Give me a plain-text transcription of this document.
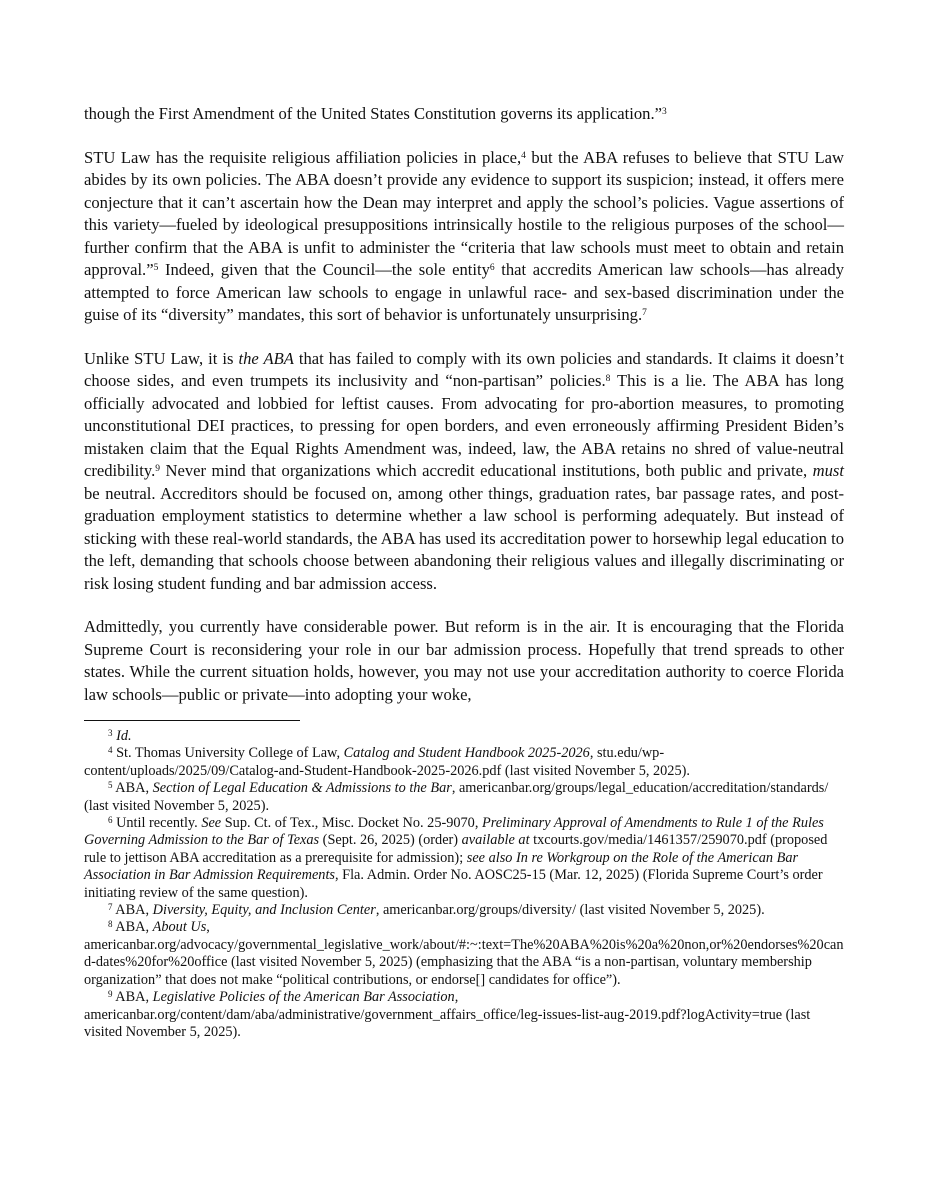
though the First Amendment of the United States Constitution governs its application.”$^3$

STU Law has the requisite religious affiliation policies in place,$^4$ but the ABA refuses to believe that STU Law abides by its own policies. The ABA doesn’t provide any evidence to support its suspicion; instead, it offers mere conjecture that it can’t ascertain how the Dean may interpret and apply the school’s policies. Vague assertions of this variety—fueled by ideological presuppositions intrinsically hostile to the religious purposes of the school—further confirm that the ABA is unfit to administer the “criteria that law schools must meet to obtain and retain approval.”$^5$ Indeed, given that the Council—the sole entity$^6$ that accredits American law schools—has already attempted to force American law schools to engage in unlawful race- and sex-based discrimination under the guise of its “diversity” mandates, this sort of behavior is unfortunately unsurprising.$^7$

Unlike STU Law, it is the ABA that has failed to comply with its own policies and standards. It claims it doesn’t choose sides, and even trumpets its inclusivity and “non-partisan” policies.$^8$ This is a lie. The ABA has long officially advocated and lobbied for leftist causes. From advocating for pro-abortion measures, to promoting unconstitutional DEI practices, to pressing for open borders, and even erroneously affirming President Biden’s mistaken claim that the Equal Rights Amendment was, indeed, law, the ABA retains no shred of value-neutral credibility.$^9$ Never mind that organizations which accredit educational institutions, both public and private, must be neutral. Accreditors should be focused on, among other things, graduation rates, bar passage rates, and post-graduation employment statistics to determine whether a law school is performing adequately. But instead of sticking with these real-world standards, the ABA has used its accreditation power to horsewhip legal education to the left, demanding that schools choose between abandoning their religious values and illegally discriminating or risk losing student funding and bar admission access.

Admittedly, you currently have considerable power. But reform is in the air. It is encouraging that the Florida Supreme Court is reconsidering your role in our bar admission process. Hopefully that trend spreads to other states. While the current situation holds, however, you may not use your accreditation authority to coerce Florida law schools—public or private—into adopting your woke,

$^3$ Id.

$^4$ St. Thomas University College of Law, Catalog and Student Handbook 2025-2026, stu.edu/wp-content/uploads/2025/09/Catalog-and-Student-Handbook-2025-2026.pdf (last visited November 5, 2025).

$^5$ ABA, Section of Legal Education & Admissions to the Bar, americanbar.org/groups/legal_education/accreditation/standards/ (last visited November 5, 2025).

$^6$ Until recently. See Sup. Ct. of Tex., Misc. Docket No. 25-9070, Preliminary Approval of Amendments to Rule 1 of the Rules Governing Admission to the Bar of Texas (Sept. 26, 2025) (order) available at txcourts.gov/media/1461357/259070.pdf (proposed rule to jettison ABA accreditation as a prerequisite for admission); see also In re Workgroup on the Role of the American Bar Association in Bar Admission Requirements, Fla. Admin. Order No. AOSC25-15 (Mar. 12, 2025) (Florida Supreme Court’s order initiating review of the same question).

$^7$ ABA, Diversity, Equity, and Inclusion Center, americanbar.org/groups/diversity/ (last visited November 5, 2025).

$^8$ ABA, About Us, americanbar.org/advocacy/governmental_legislative_work/about/#:~:text=The%20ABA%20is%20a%20non,or%20endorses%20cand-dates%20for%20office (last visited November 5, 2025) (emphasizing that the ABA “is a non-partisan, voluntary membership organization” that does not make “political contributions, or endorse[] candidates for office”).

$^9$ ABA, Legislative Policies of the American Bar Association, americanbar.org/content/dam/aba/administrative/government_affairs_office/leg-issues-list-aug-2019.pdf?logActivity=true (last visited November 5, 2025).
